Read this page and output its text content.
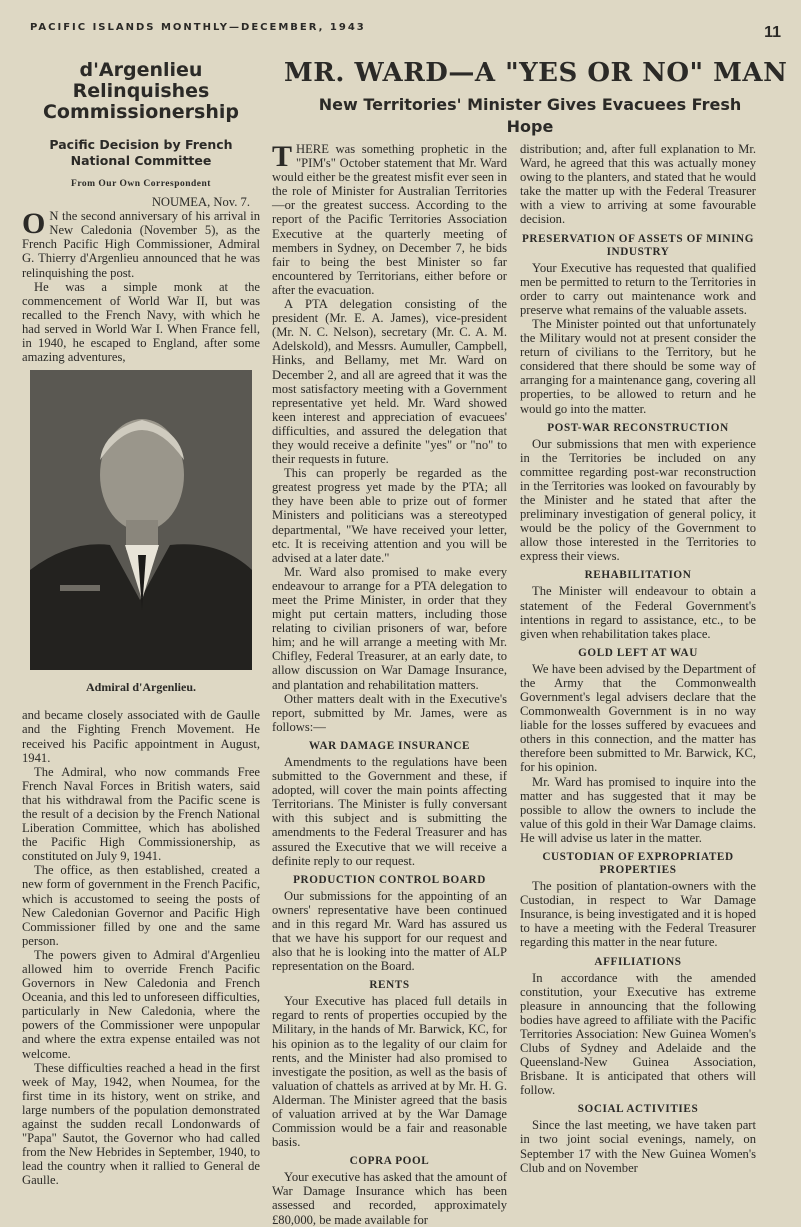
PACIFIC ISLANDS MONTHLY—DECEMBER, 1943	11
d'Argenlieu Relinquishes Commissionership
Pacific Decision by French National Committee
From Our Own Correspondent
NOUMEA, Nov. 7.

O N the second anniversary of his arrival in New Caledonia (November 5), as the French Pacific High Commissioner, Admiral G. Thierry d'Argenlieu announced that he was relinquishing the post.

He was a simple monk at the commencement of World War II, but was recalled to the French Navy, with which he had served in World War I. When France fell, in 1940, he escaped to England, after some amazing adventures,

Admiral d'Argenlieu.

and became closely associated with de Gaulle and the Fighting French Movement. He received his Pacific appointment in August, 1941.

The Admiral, who now commands Free French Naval Forces in British waters, said that his withdrawal from the Pacific scene is the result of a decision by the French National Liberation Committee, which has abolished the Pacific High Commissionership, as constituted on July 9, 1941.

The office, as then established, created a new form of government in the French Pacific, which is accustomed to seeing the posts of New Caledonian Governor and Pacific High Commissioner filled by one and the same person.

The powers given to Admiral d'Argenlieu allowed him to override French Pacific Governors in New Caledonia and French Oceania, and this led to unforeseen difficulties, particularly in New Caledonia, where the powers of the Commissioner were unpopular and where the extra expense entailed was not welcome.

These difficulties reached a head in the first week of May, 1942, when Noumea, for the first time in its history, went on strike, and large numbers of the population demonstrated against the sudden recall Londonwards of "Papa" Sautot, the Governor who had called from the New Hebrides in September, 1940, to lead the country when it rallied to General de Gaulle.

MR. WARD—A "YES OR NO" MAN
New Territories' Minister Gives Evacuees Fresh Hope

THERE was something prophetic in the "PIM's" October statement that Mr. Ward would either be the greatest misfit ever seen in the role of Minister for Australian Territories—or the greatest success. According to the report of the Pacific Territories Association Executive at the quarterly meeting of members in Sydney, on December 7, he bids fair to being the best Minister so far encountered by Territorians, either before or after the evacuation.

A PTA delegation consisting of the president (Mr. E. A. James), vice-president (Mr. N. C. Nelson), secretary (Mr. C. A. M. Adelskold), and Messrs. Aumuller, Campbell, Hinks, and Bellamy, met Mr. Ward on December 2, and all are agreed that it was the most satisfactory meeting with a Government representative yet held. Mr. Ward showed keen interest and appreciation of evacuees' difficulties, and assured the delegation that they would receive a definite "yes" or "no" to their requests in future.

This can properly be regarded as the greatest progress yet made by the PTA; all they have been able to prize out of former Ministers and politicians was a stereotyped departmental, "We have received your letter, etc. It is receiving attention and you will be advised at a later date."

Mr. Ward also promised to make every endeavour to arrange for a PTA delegation to meet the Prime Minister, in order that they might put certain matters, including those relating to civilian prisoners of war, before him; and he will arrange a meeting with Mr. Chifley, Federal Treasurer, at an early date, to allow discussion on War Damage Insurance, and plantation and rehabilitation matters.

Other matters dealt with in the Executive's report, submitted by Mr. James, were as follows:—

WAR DAMAGE INSURANCE

Amendments to the regulations have been submitted to the Government and these, if adopted, will cover the main points affecting Territorians. The Minister is fully conversant with this subject and is submitting the amendments to the Federal Treasurer and has assured the Executive that we will receive a definite reply to our request.

PRODUCTION CONTROL BOARD

Our submissions for the appointing of an owners' representative have been continued and in this regard Mr. Ward has assured us that we have his support for our request and also that he is looking into the matter of ALP representation on the Board.

RENTS

Your Executive has placed full details in regard to rents of properties occupied by the Military, in the hands of Mr. Barwick, KC, for his opinion as to the legality of our claim for rents, and the Minister had also promised to investigate the position, as well as the basis of valuation of chattels as arrived at by Mr. H. G. Alderman. The Minister agreed that the basis of valuation arrived at by the War Damage Commission would be a fair and reasonable basis.

COPRA POOL

Your executive has asked that the amount of War Damage Insurance which has been assessed and recorded, approximately £80,000, be made available for

distribution; and, after full explanation to Mr. Ward, he agreed that this was actually money owing to the planters, and stated that he would take the matter up with the Federal Treasurer with a view to arriving at some favourable decision.

PRESERVATION OF ASSETS OF MINING INDUSTRY

Your Executive has requested that qualified men be permitted to return to the Territories in order to carry out maintenance work and preserve what remains of the valuable assets.

The Minister pointed out that unfortunately the Military would not at present consider the return of civilians to the Territory, but he considered that there should be some way of arranging for a maintenance gang, covering all properties, to be allowed to return and he would go into the matter.

POST-WAR RECONSTRUCTION

Our submissions that men with experience in the Territories be included on any committee regarding post-war reconstruction in the Territories was looked on favourably by the Minister and he stated that after the preliminary investigation of general policy, it would be the policy of the Government to allow those interested in the Territories to express their views.

REHABILITATION

The Minister will endeavour to obtain a statement of the Federal Government's intentions in regard to assistance, etc., to be given when rehabilitation takes place.

GOLD LEFT AT WAU

We have been advised by the Department of the Army that the Commonwealth Government's legal advisers declare that the Commonwealth Government is in no way liable for the losses suffered by evacuees and others in this connection, and the matter has therefore been submitted to Mr. Barwick, KC, for his opinion.

Mr. Ward has promised to inquire into the matter and has suggested that it may be possible to allow the owners to include the value of this gold in their War Damage claims. He will advise us later in the matter.

CUSTODIAN OF EXPROPRIATED PROPERTIES

The position of plantation-owners with the Custodian, in respect to War Damage Insurance, is being investigated and it is hoped to have a meeting with the Federal Treasurer regarding this matter in the near future.

AFFILIATIONS

In accordance with the amended constitution, your Executive has extreme pleasure in announcing that the following bodies have agreed to affiliate with the Pacific Territories Association: New Guinea Women's Clubs of Sydney and Adelaide and the Queensland-New Guinea Association, Brisbane. It is anticipated that others will follow.

SOCIAL ACTIVITIES

Since the last meeting, we have taken part in two joint social evenings, namely, on September 17 with the New Guinea Women's Club and on November
